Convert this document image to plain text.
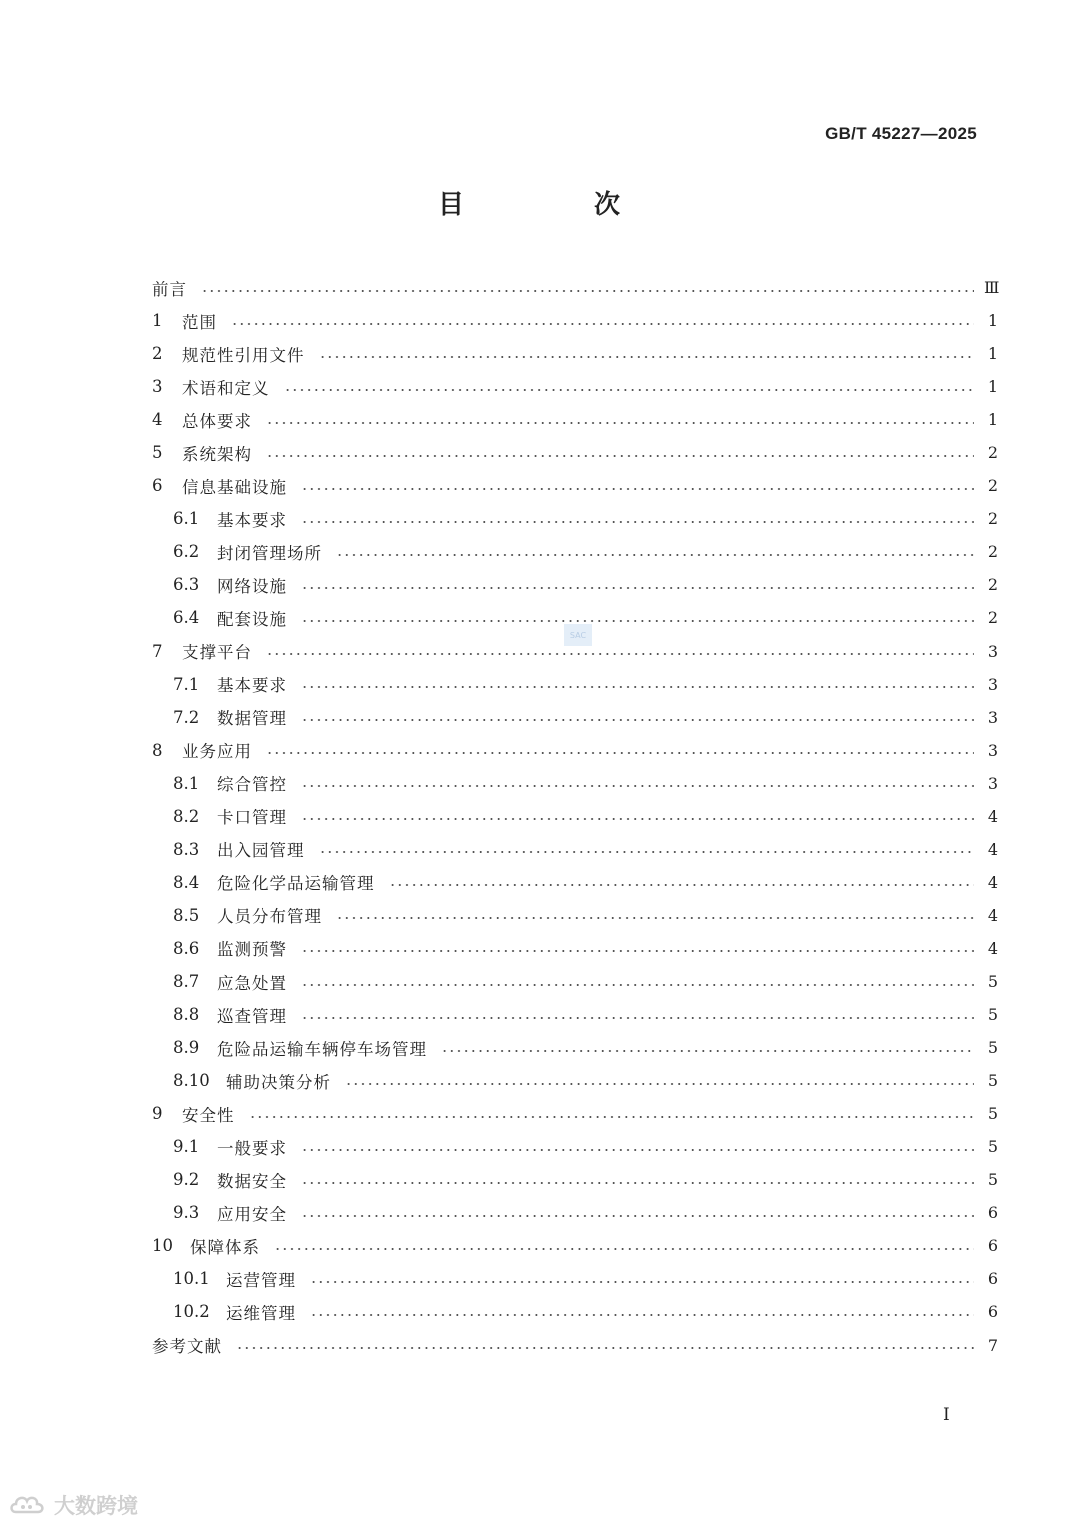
GB/T 45227—2025
目　次
前言	Ⅲ
1	范围	1
2	规范性引用文件	1
3	术语和定义	1
4	总体要求	1
5	系统架构	2
6	信息基础设施	2
6.1	基本要求	2
6.2	封闭管理场所	2
6.3	网络设施	2
6.4	配套设施	2
7	支撑平台	3
7.1	基本要求	3
7.2	数据管理	3
8	业务应用	3
8.1	综合管控	3
8.2	卡口管理	4
8.3	出入园管理	4
8.4	危险化学品运输管理	4
8.5	人员分布管理	4
8.6	监测预警	4
8.7	应急处置	5
8.8	巡查管理	5
8.9	危险品运输车辆停车场管理	5
8.10 辅助决策分析	5
9	安全性	5
9.1	一般要求	5
9.2	数据安全	5
9.3	应用安全	6
10	保障体系	6
10.1 运营管理	6
10.2 运维管理	6
参考文献	7
SAC
I
大数跨境
